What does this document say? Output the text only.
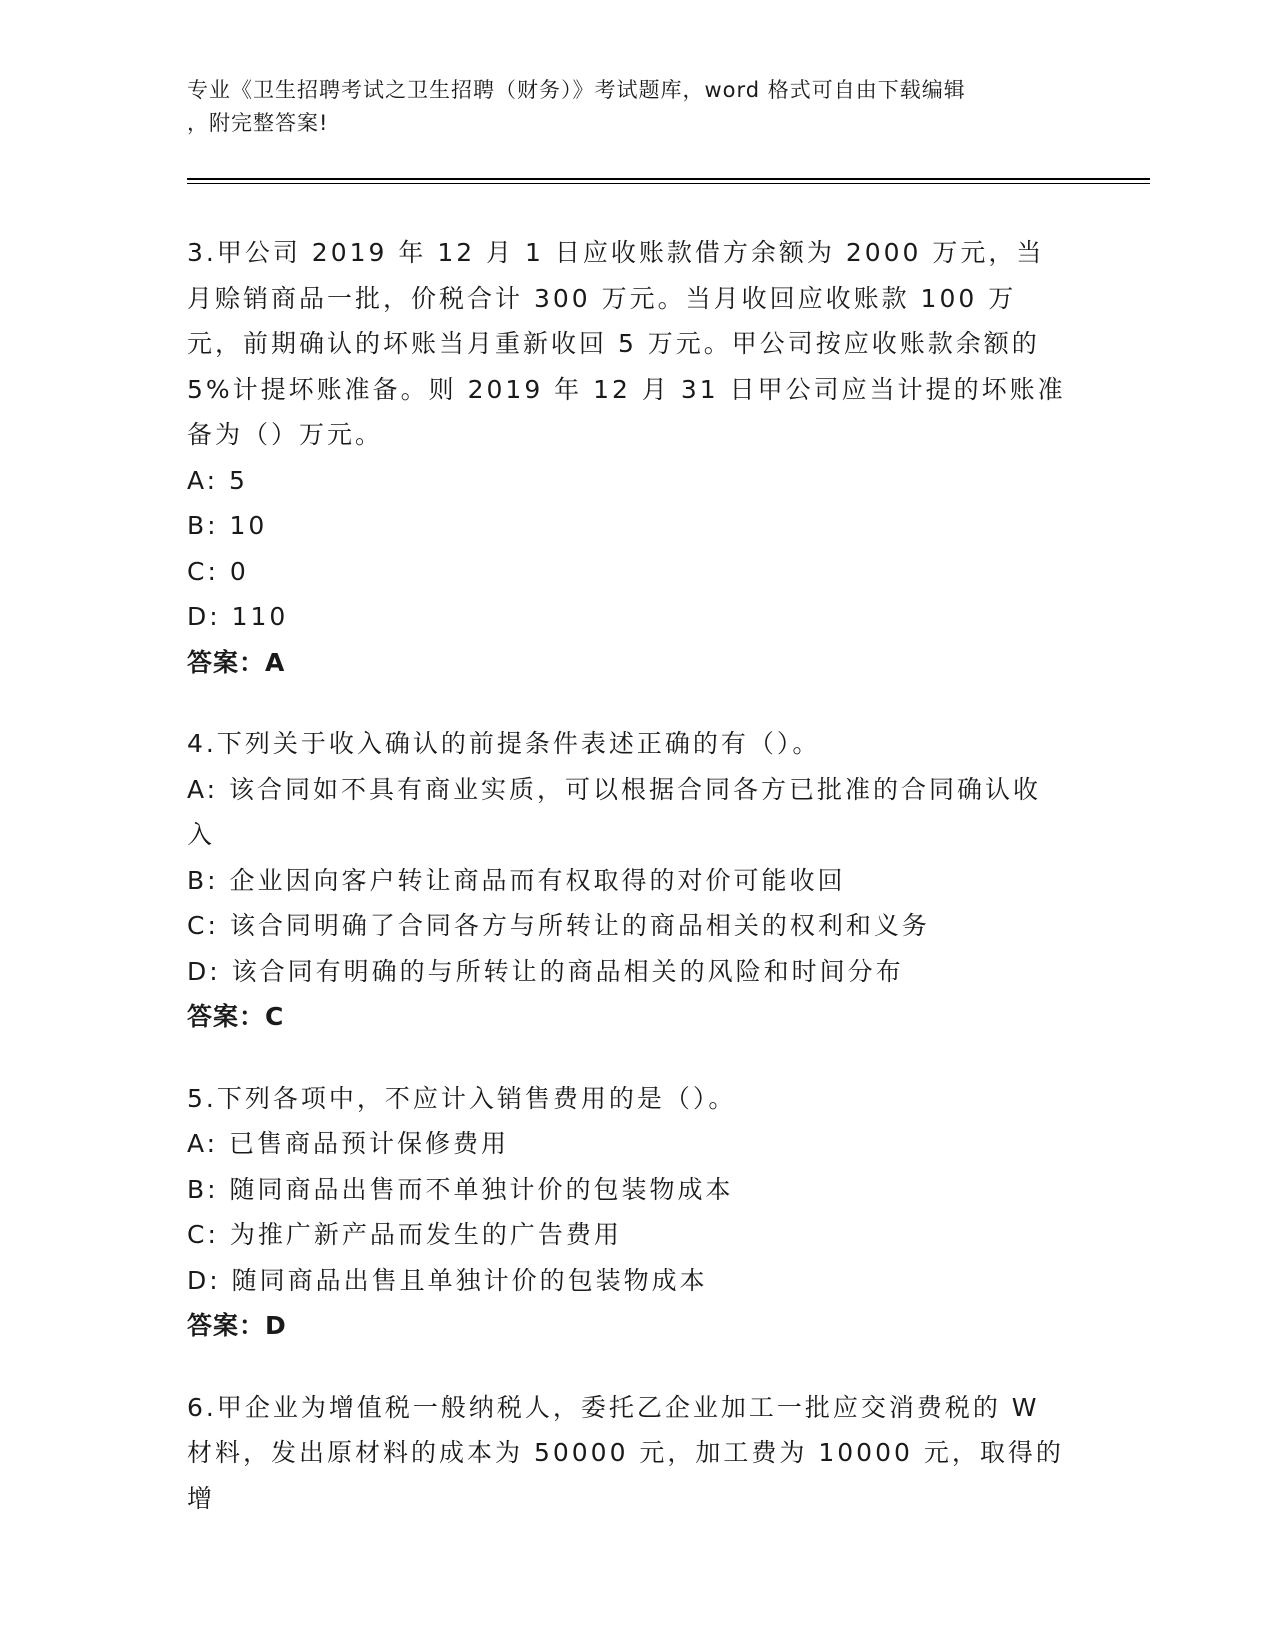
专业《卫生招聘考试之卫生招聘（财务）》考试题库，word 格式可自由下载编辑
，附完整答案!

3.甲公司 2019 年 12 月 1 日应收账款借方余额为 2000 万元，当月赊销商品一批，价税合计 300 万元。当月收回应收账款 100 万元，前期确认的坏账当月重新收回 5 万元。甲公司按应收账款余额的 5%计提坏账准备。则 2019 年 12 月 31 日甲公司应当计提的坏账准备为（）万元。

A: 5

B: 10

C: 0

D: 110

答案：A

4.下列关于收入确认的前提条件表述正确的有（）。

A: 该合同如不具有商业实质，可以根据合同各方已批准的合同确认收入

B: 企业因向客户转让商品而有权取得的对价可能收回

C: 该合同明确了合同各方与所转让的商品相关的权利和义务

D: 该合同有明确的与所转让的商品相关的风险和时间分布

答案：C

5.下列各项中，不应计入销售费用的是（）。

A: 已售商品预计保修费用

B: 随同商品出售而不单独计价的包装物成本

C: 为推广新产品而发生的广告费用

D: 随同商品出售且单独计价的包装物成本

答案：D

6.甲企业为增值税一般纳税人，委托乙企业加工一批应交消费税的 W 材料，发出原材料的成本为 50000 元，加工费为 10000 元，取得的增
